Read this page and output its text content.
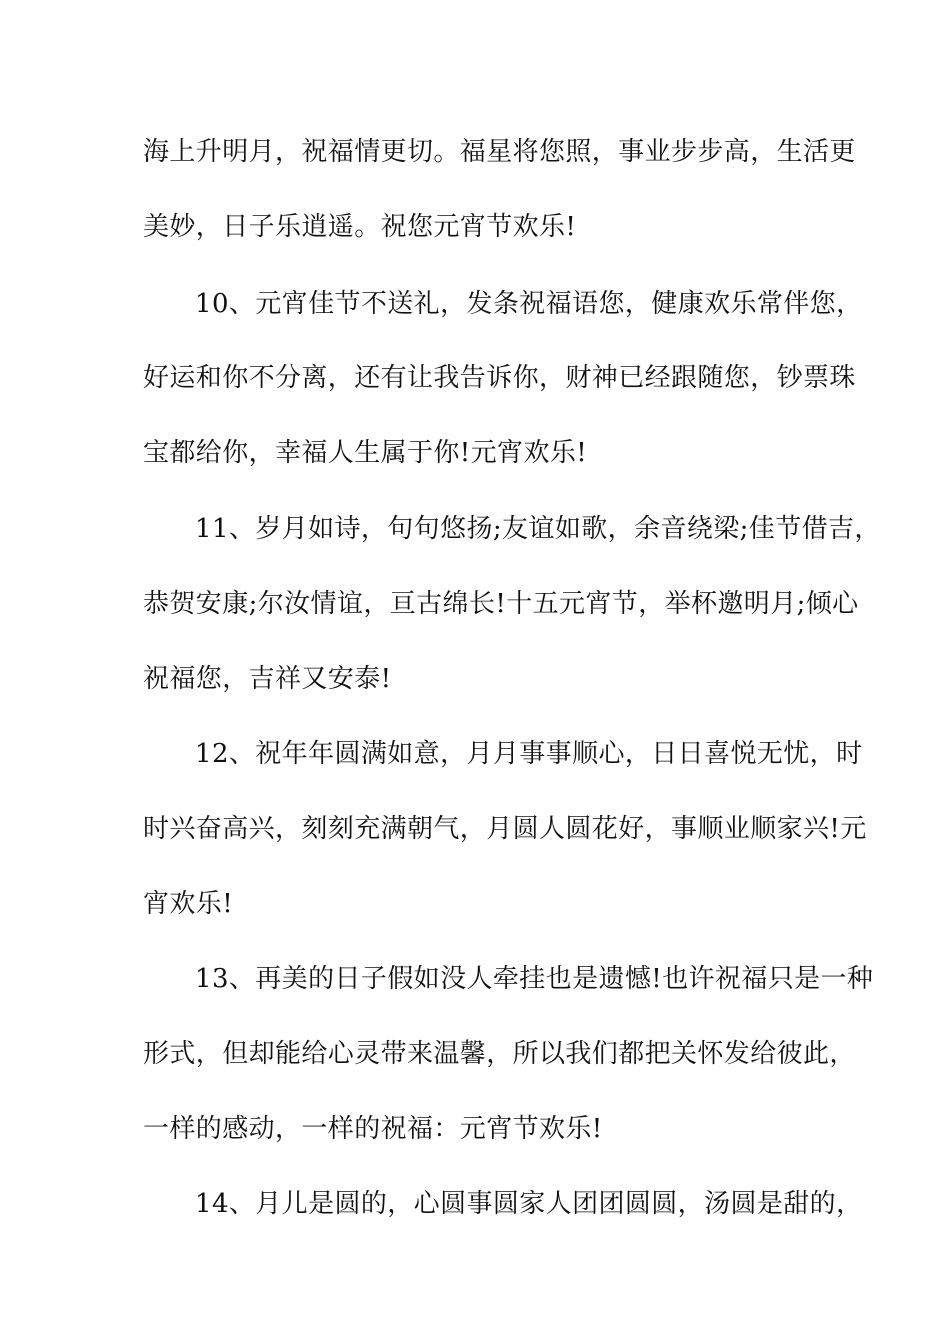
海上升明月，祝福情更切。福星将您照，事业步步高，生活更
美妙，日子乐逍遥。祝您元宵节欢乐!
10、元宵佳节不送礼，发条祝福语您，健康欢乐常伴您，
好运和你不分离，还有让我告诉你，财神已经跟随您，钞票珠
宝都给你，幸福人生属于你!元宵欢乐!
11、岁月如诗，句句悠扬;友谊如歌，余音绕梁;佳节借吉，
恭贺安康;尔汝情谊，亘古绵长!十五元宵节，举杯邀明月;倾心
祝福您，吉祥又安泰!
12、祝年年圆满如意，月月事事顺心，日日喜悦无忧，时
时兴奋高兴，刻刻充满朝气，月圆人圆花好，事顺业顺家兴!元
宵欢乐!
13、再美的日子假如没人牵挂也是遗憾!也许祝福只是一种
形式，但却能给心灵带来温馨，所以我们都把关怀发给彼此，
一样的感动，一样的祝福：元宵节欢乐!
14、月儿是圆的，心圆事圆家人团团圆圆，汤圆是甜的，
